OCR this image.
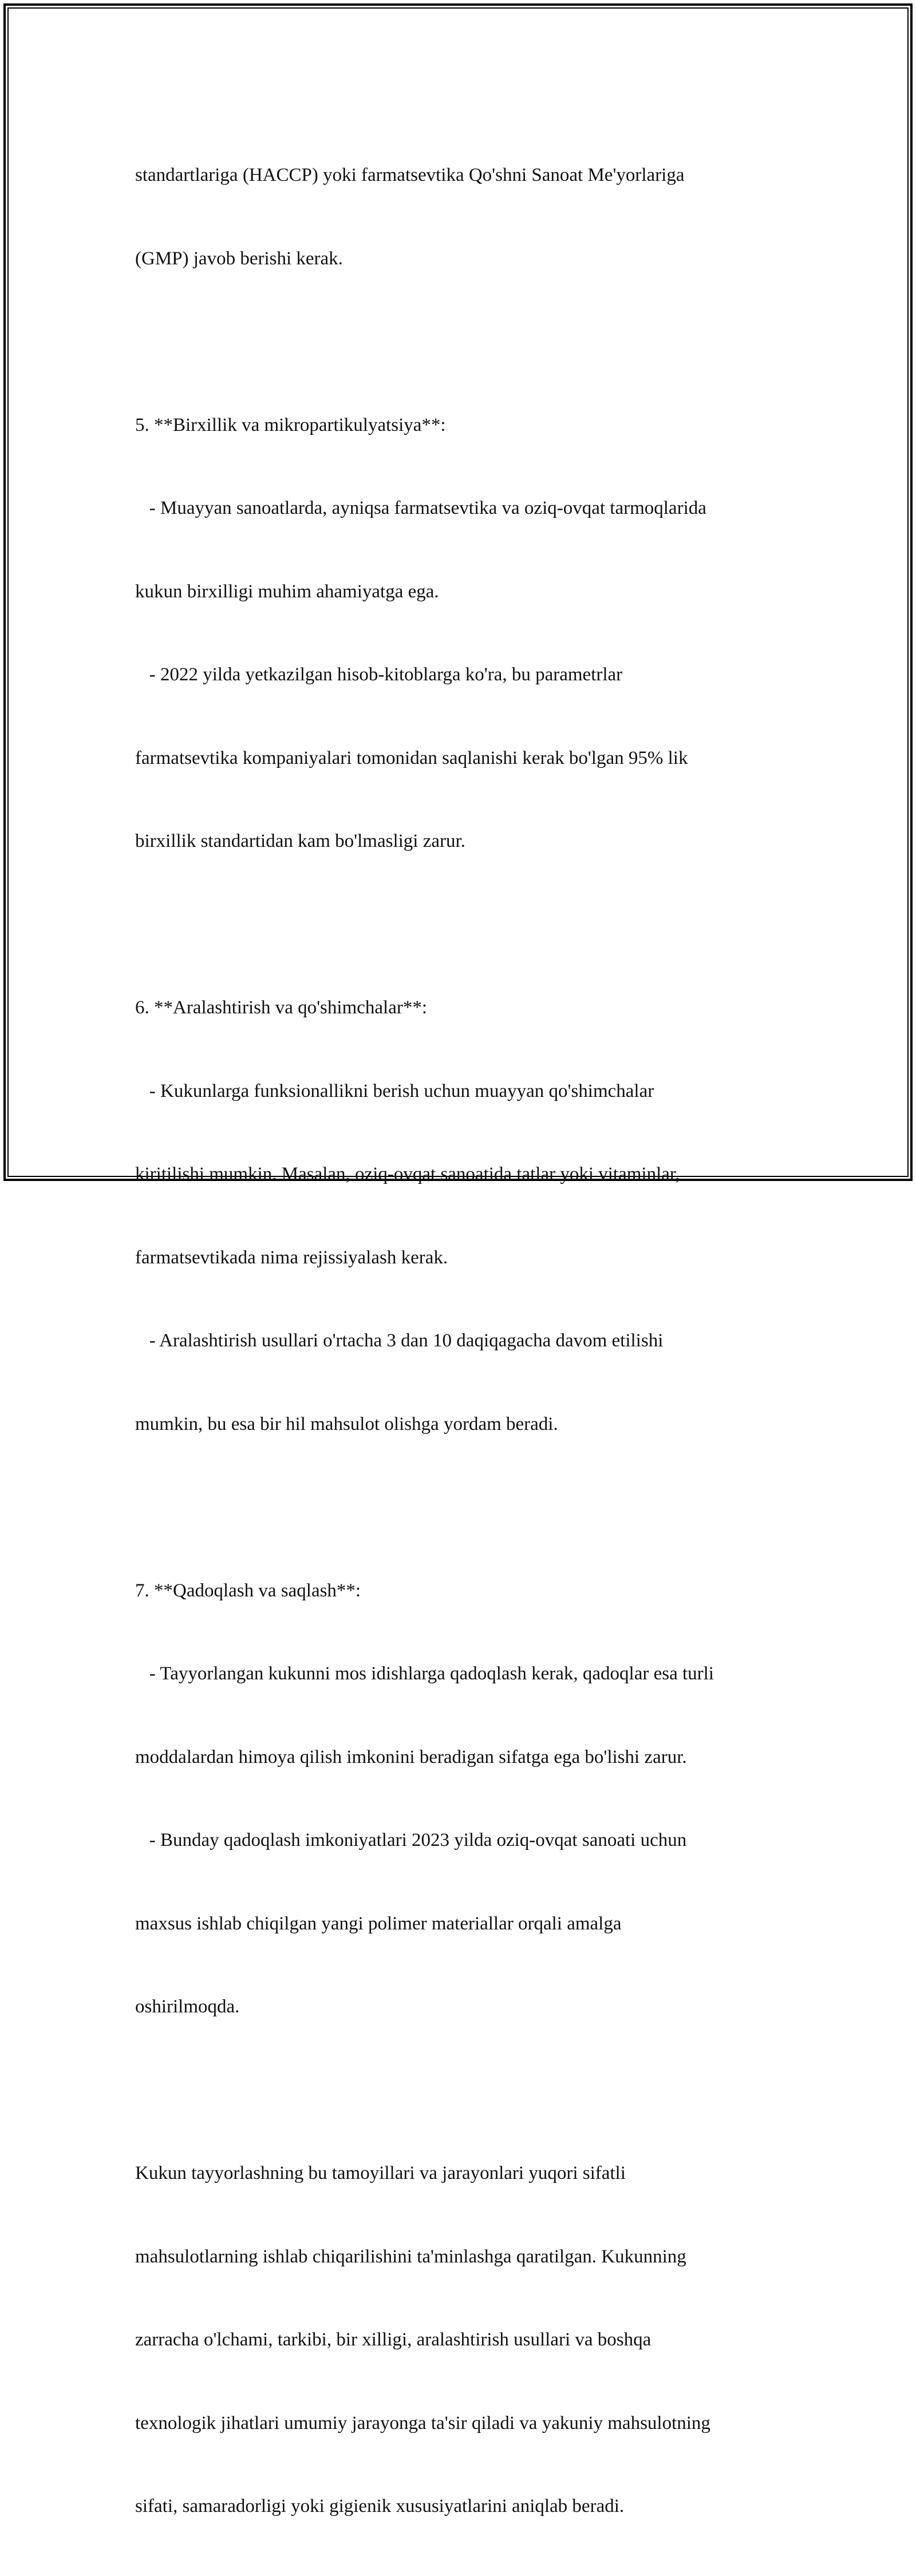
standartlariga (HACCP) yoki farmatsevtika Qo'shni Sanoat Me'yorlariga

(GMP) javob berishi kerak.

5. **Birxillik va mikropartikulyatsiya**:

- Muayyan sanoatlarda, ayniqsa farmatsevtika va oziq-ovqat tarmoqlarida

kukun birxilligi muhim ahamiyatga ega.

- 2022 yilda yetkazilgan hisob-kitoblarga ko'ra, bu parametrlar

farmatsevtika kompaniyalari tomonidan saqlanishi kerak bo'lgan 95% lik

birxillik standartidan kam bo'lmasligi zarur.

6. **Aralashtirish va qo'shimchalar**:

- Kukunlarga funksionallikni berish uchun muayyan qo'shimchalar

kiritilishi mumkin. Masalan, oziq-ovqat sanoatida tatlar yoki vitaminlar,

farmatsevtikada nima rejissiyalash kerak.

- Aralashtirish usullari o'rtacha 3 dan 10 daqiqagacha davom etilishi

mumkin, bu esa bir hil mahsulot olishga yordam beradi.

7. **Qadoqlash va saqlash**:

- Tayyorlangan kukunni mos idishlarga qadoqlash kerak, qadoqlar esa turli

moddalardan himoya qilish imkonini beradigan sifatga ega bo'lishi zarur.

- Bunday qadoqlash imkoniyatlari 2023 yilda oziq-ovqat sanoati uchun

maxsus ishlab chiqilgan yangi polimer materiallar orqali amalga

oshirilmoqda.

Kukun tayyorlashning bu tamoyillari va jarayonlari yuqori sifatli

mahsulotlarning ishlab chiqarilishini ta'minlashga qaratilgan. Kukunning

zarracha o'lchami, tarkibi, bir xilligi, aralashtirish usullari va boshqa

texnologik jihatlari umumiy jarayonga ta'sir qiladi va yakuniy mahsulotning

sifati, samaradorligi yoki gigienik xususiyatlarini aniqlab beradi.
